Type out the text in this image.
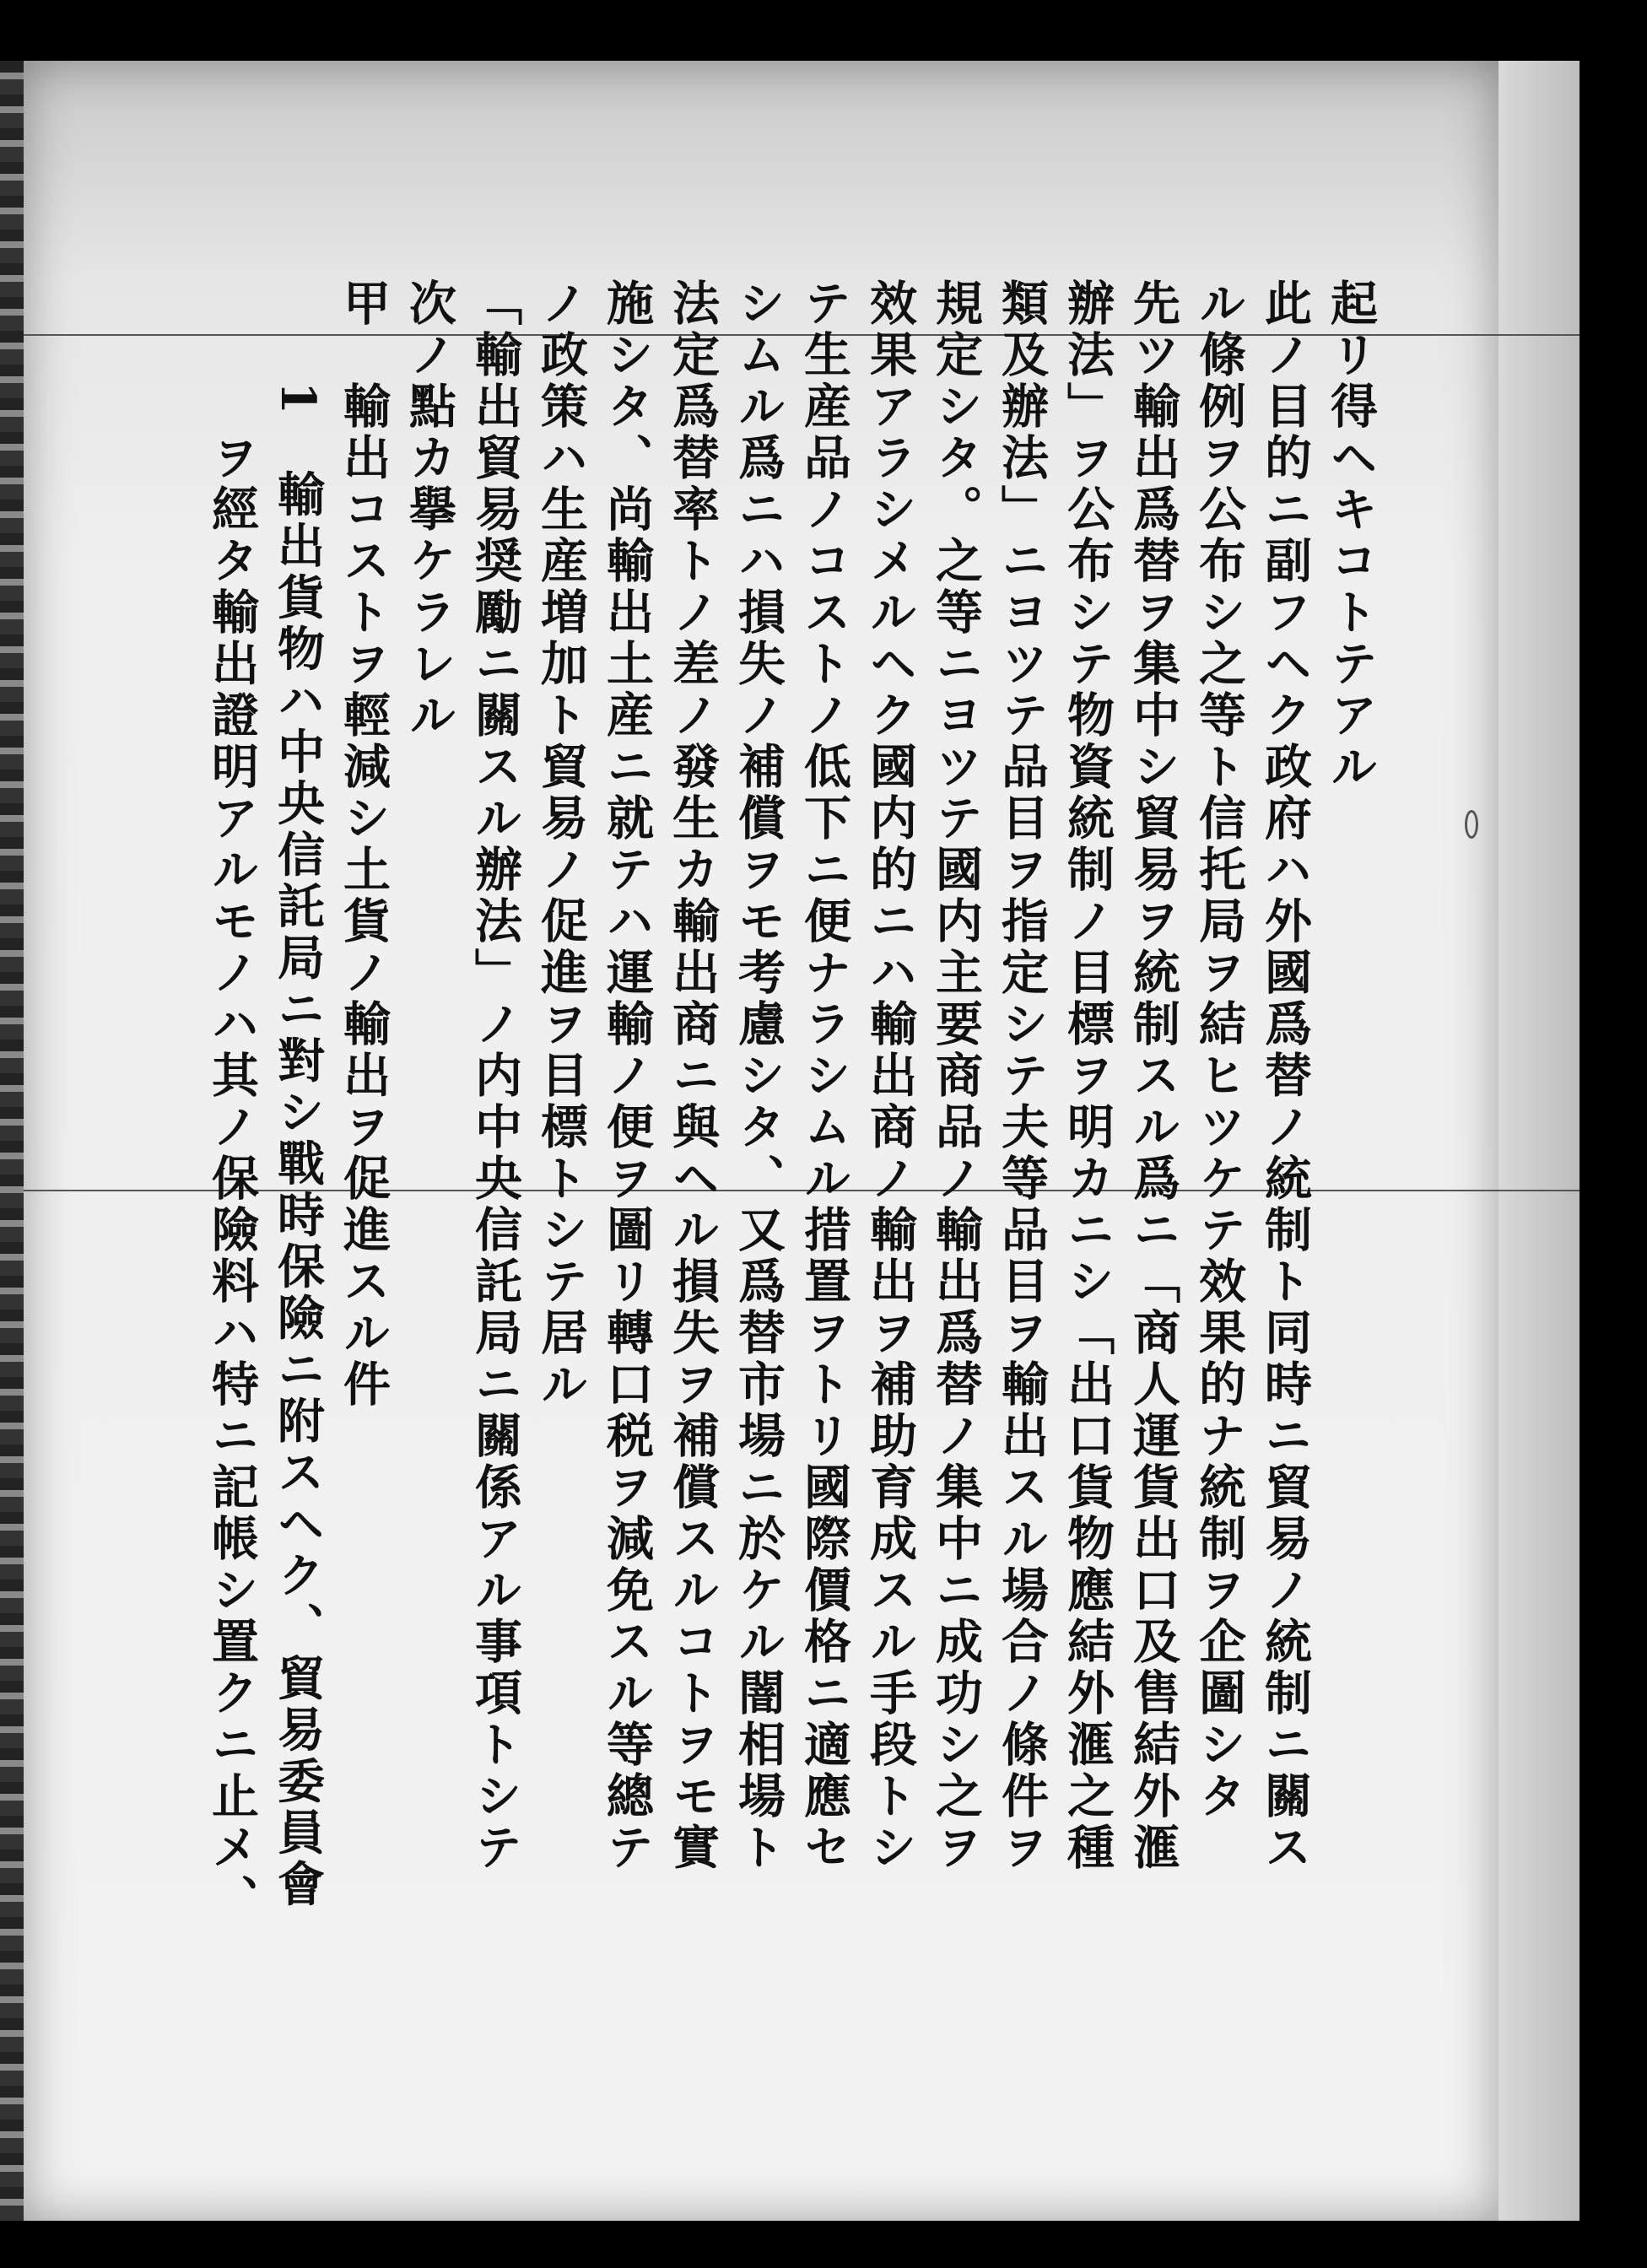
起リ得ヘキコトテアル
此ノ目的ニ副フヘク政府ハ外國爲替ノ統制ト同時ニ貿易ノ統制ニ關ス
ル條例ヲ公布シ之等ト信托局ヲ結ヒツケテ效果的ナ統制ヲ企圖シタ
先ツ輸出爲替ヲ集中シ貿易ヲ統制スル爲ニ「商人運貨出口及售結外滙
辦法」ヲ公布シテ物資統制ノ目標ヲ明カニシ「出口貨物應結外滙之種
類及辦法」ニヨツテ品目ヲ指定シテ夫等品目ヲ輸出スル場合ノ條件ヲ
規定シタ。之等ニヨツテ國内主要商品ノ輸出爲替ノ集中ニ成功シ之ヲ
效果アラシメルヘク國内的ニハ輸出商ノ輸出ヲ補助育成スル手段トシ
テ生産品ノコストノ低下ニ便ナラシムル措置ヲトリ國際價格ニ適應セ
シムル爲ニハ損失ノ補償ヲモ考慮シタ、又爲替市場ニ於ケル闇相場ト
法定爲替率トノ差ノ發生カ輸出商ニ與ヘル損失ヲ補償スルコトヲモ實
施シタ、尚輸出土産ニ就テハ運輸ノ便ヲ圖リ轉口税ヲ減免スル等總テ
ノ政策ハ生産増加ト貿易ノ促進ヲ目標トシテ居ル
「輸出貿易奨勵ニ關スル辦法」ノ内中央信託局ニ關係アル事項トシテ
次ノ點カ擧ケラレル
甲　輸出コストヲ輕減シ土貨ノ輸出ヲ促進スル件
　　1　輸出貨物ハ中央信託局ニ對シ戰時保險ニ附スヘク、貿易委員會
　　　ヲ經タ輸出證明アルモノハ其ノ保險料ハ特ニ記帳シ置クニ止メ、
